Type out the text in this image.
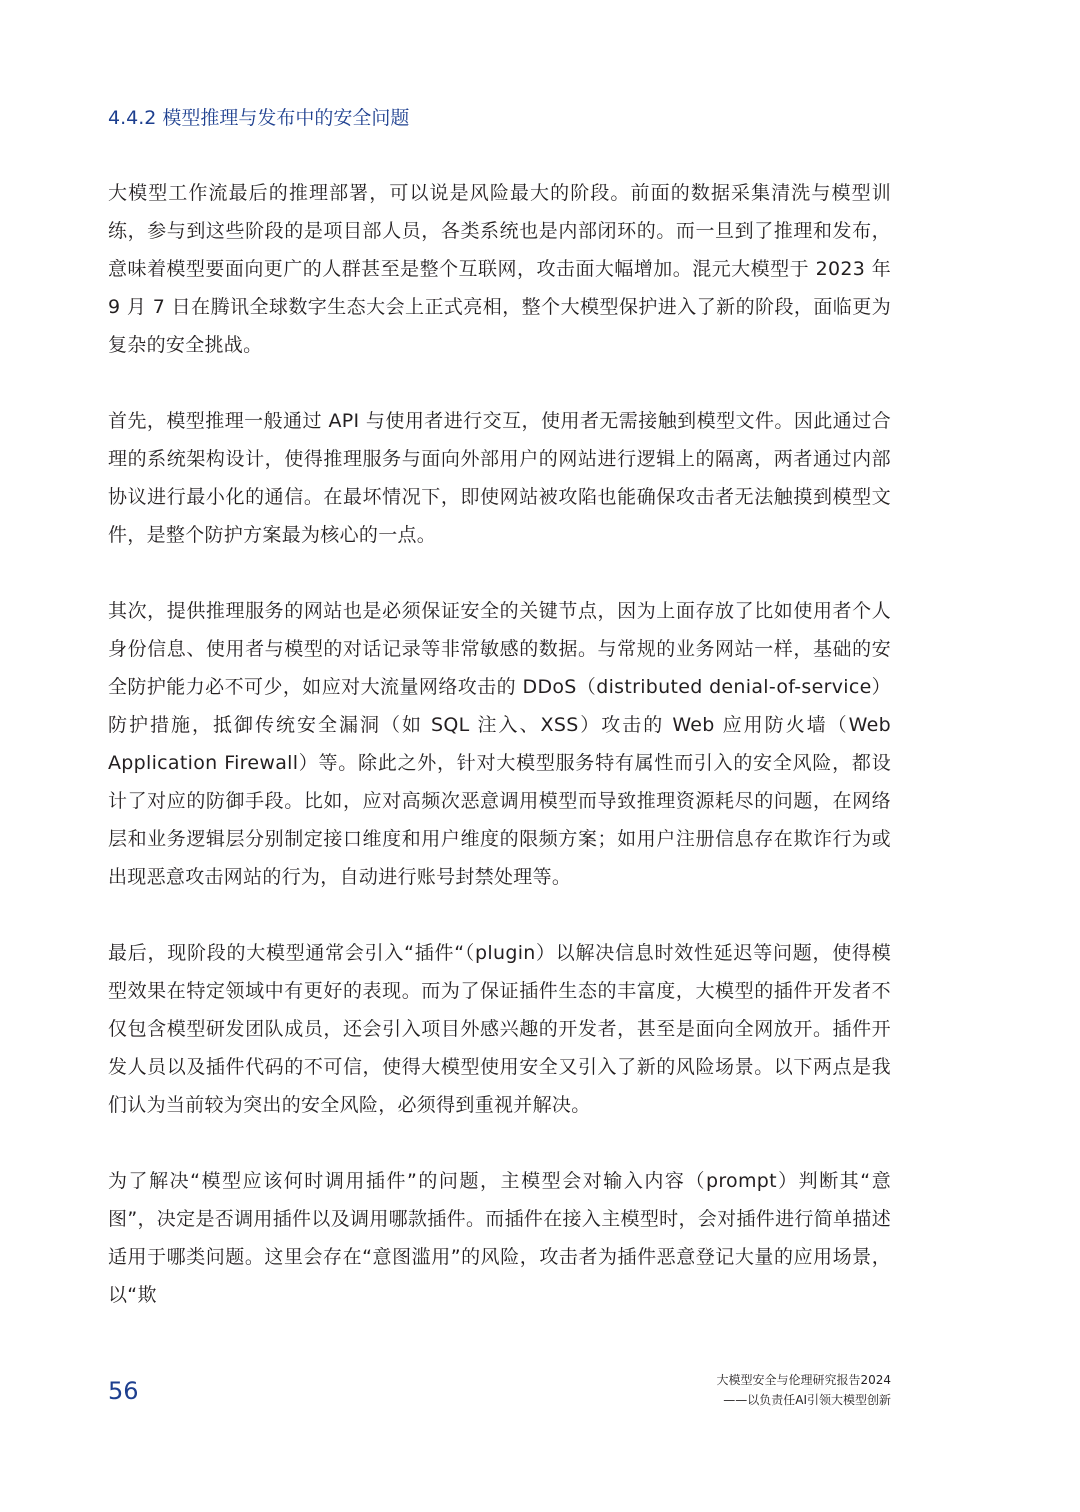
4.4.2 模型推理与发布中的安全问题

大模型工作流最后的推理部署，可以说是风险最大的阶段。前面的数据采集清洗与模型训练，参与到这些阶段的是项目部人员，各类系统也是内部闭环的。而一旦到了推理和发布，意味着模型要面向更广的人群甚至是整个互联网，攻击面大幅增加。混元大模型于 2023 年 9 月 7 日在腾讯全球数字生态大会上正式亮相，整个大模型保护进入了新的阶段，面临更为复杂的安全挑战。

首先，模型推理一般通过 API 与使用者进行交互，使用者无需接触到模型文件。因此通过合理的系统架构设计，使得推理服务与面向外部用户的网站进行逻辑上的隔离，两者通过内部协议进行最小化的通信。在最坏情况下，即使网站被攻陷也能确保攻击者无法触摸到模型文件，是整个防护方案最为核心的一点。

其次，提供推理服务的网站也是必须保证安全的关键节点，因为上面存放了比如使用者个人身份信息、使用者与模型的对话记录等非常敏感的数据。与常规的业务网站一样，基础的安全防护能力必不可少，如应对大流量网络攻击的 DDoS（distributed denial-of-service）防护措施，抵御传统安全漏洞（如 SQL 注入、XSS）攻击的 Web 应用防火墙（Web Application Firewall）等。除此之外，针对大模型服务特有属性而引入的安全风险，都设计了对应的防御手段。比如，应对高频次恶意调用模型而导致推理资源耗尽的问题，在网络层和业务逻辑层分别制定接口维度和用户维度的限频方案；如用户注册信息存在欺诈行为或出现恶意攻击网站的行为，自动进行账号封禁处理等。

最后，现阶段的大模型通常会引入“插件“（plugin）以解决信息时效性延迟等问题，使得模型效果在特定领域中有更好的表现。而为了保证插件生态的丰富度，大模型的插件开发者不仅包含模型研发团队成员，还会引入项目外感兴趣的开发者，甚至是面向全网放开。插件开发人员以及插件代码的不可信，使得大模型使用安全又引入了新的风险场景。以下两点是我们认为当前较为突出的安全风险，必须得到重视并解决。

为了解决“模型应该何时调用插件”的问题，主模型会对输入内容（prompt）判断其“意图”，决定是否调用插件以及调用哪款插件。而插件在接入主模型时，会对插件进行简单描述适用于哪类问题。这里会存在“意图滥用”的风险，攻击者为插件恶意登记大量的应用场景，以“欺

56	大模型安全与伦理研究报告2024
——以负责任AI引领大模型创新
